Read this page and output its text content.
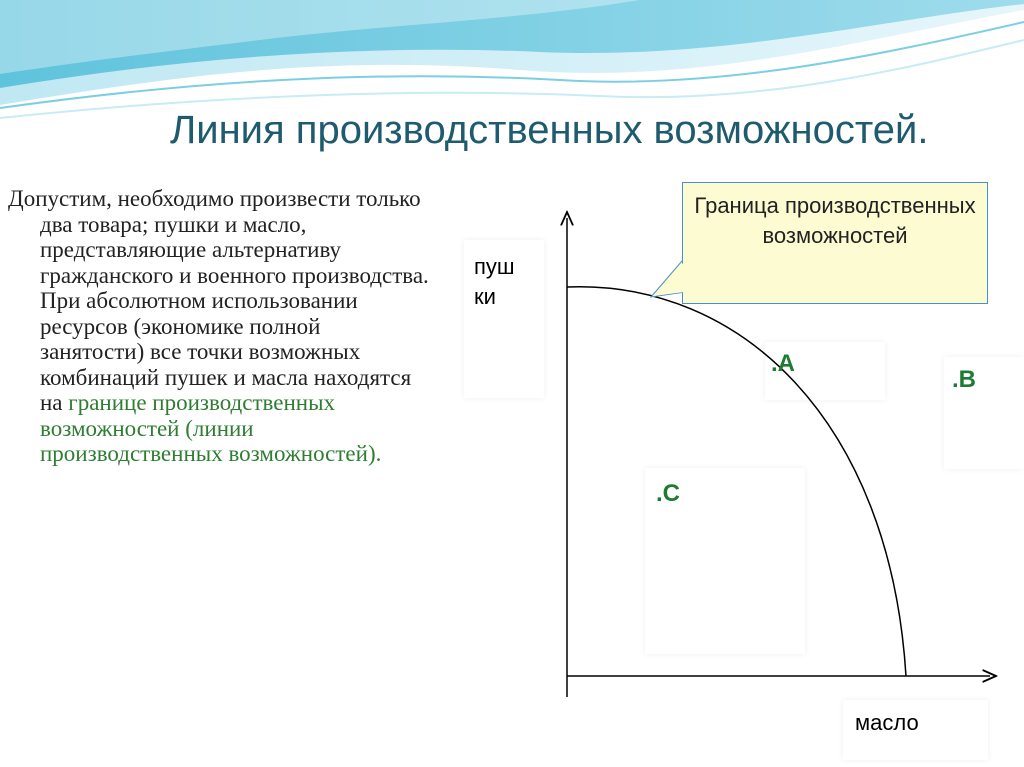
Линия производственных возможностей.
Допустим, необходимо произвести только два товара; пушки и масло, представляющие альтернативу гражданского и военного производства. При абсолютном использовании ресурсов (экономике полной занятости) все точки возможных комбинаций пушек и масла находятся на границе производственных возможностей (линии производственных возможностей).
Граница производственных возможностей
пуш ки
масло
.А
.В
.С
